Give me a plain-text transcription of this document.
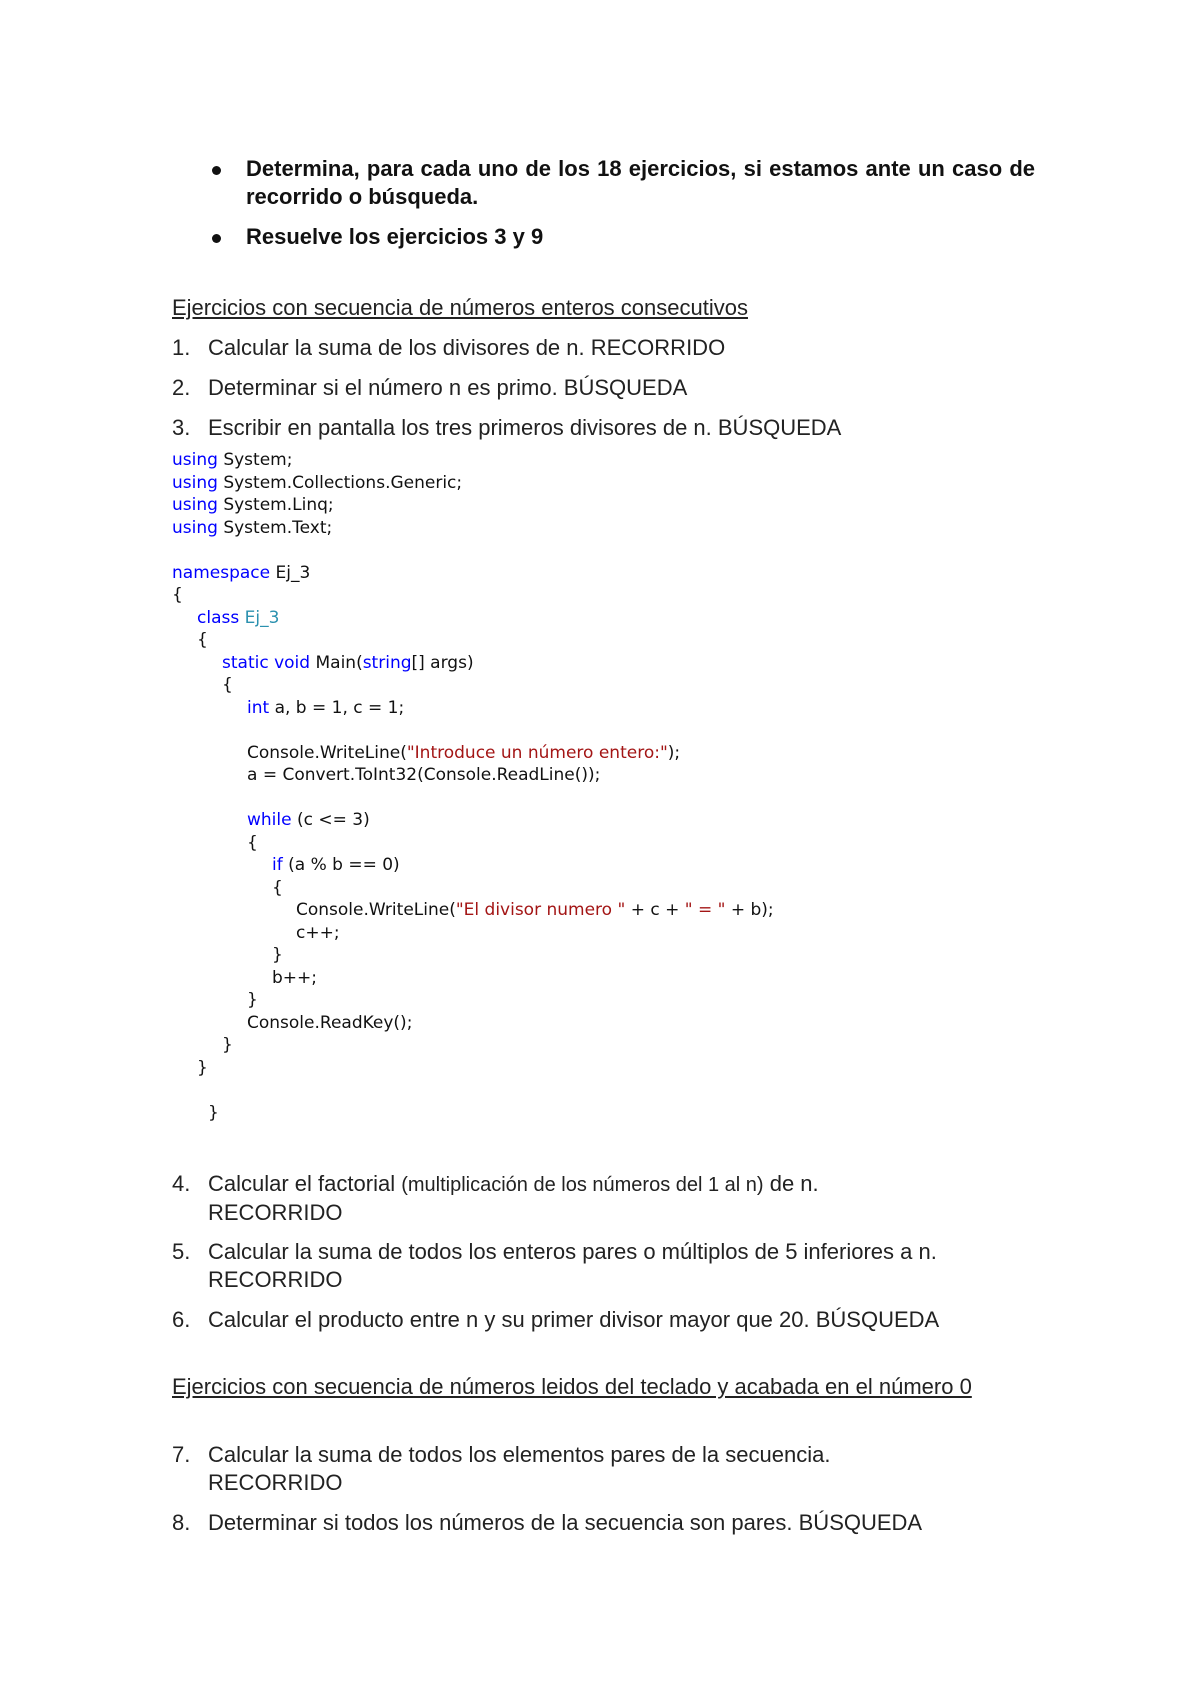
Determina, para cada uno de los 18 ejercicios, si estamos ante un caso de recorrido o búsqueda.
Resuelve los ejercicios 3 y 9
Ejercicios con secuencia de números enteros consecutivos
1. Calcular la suma de los divisores de n. RECORRIDO
2. Determinar si el número n es primo. BÚSQUEDA
3. Escribir en pantalla los tres primeros divisores de n. BÚSQUEDA
using System;
using System.Collections.Generic;
using System.Linq;
using System.Text;
namespace Ej_3
{
class Ej_3
{
static void Main(string[] args)
{
int a, b = 1, c = 1;
Console.WriteLine("Introduce un número entero:");
a = Convert.ToInt32(Console.ReadLine());
while (c <= 3)
{
if (a % b == 0)
{
Console.WriteLine("El divisor numero " + c + " = " + b);
c++;
}
b++;
}
Console.ReadKey();
}
}
}
4. Calcular el factorial (multiplicación de los números del 1 al n) de n.
RECORRIDO
5. Calcular la suma de todos los enteros pares o múltiplos de 5 inferiores a n.
RECORRIDO
6. Calcular el producto entre n y su primer divisor mayor que 20. BÚSQUEDA
Ejercicios con secuencia de números leidos del teclado y acabada en el número 0
7. Calcular la suma de todos los elementos pares de la secuencia.
RECORRIDO
8. Determinar si todos los números de la secuencia son pares. BÚSQUEDA
